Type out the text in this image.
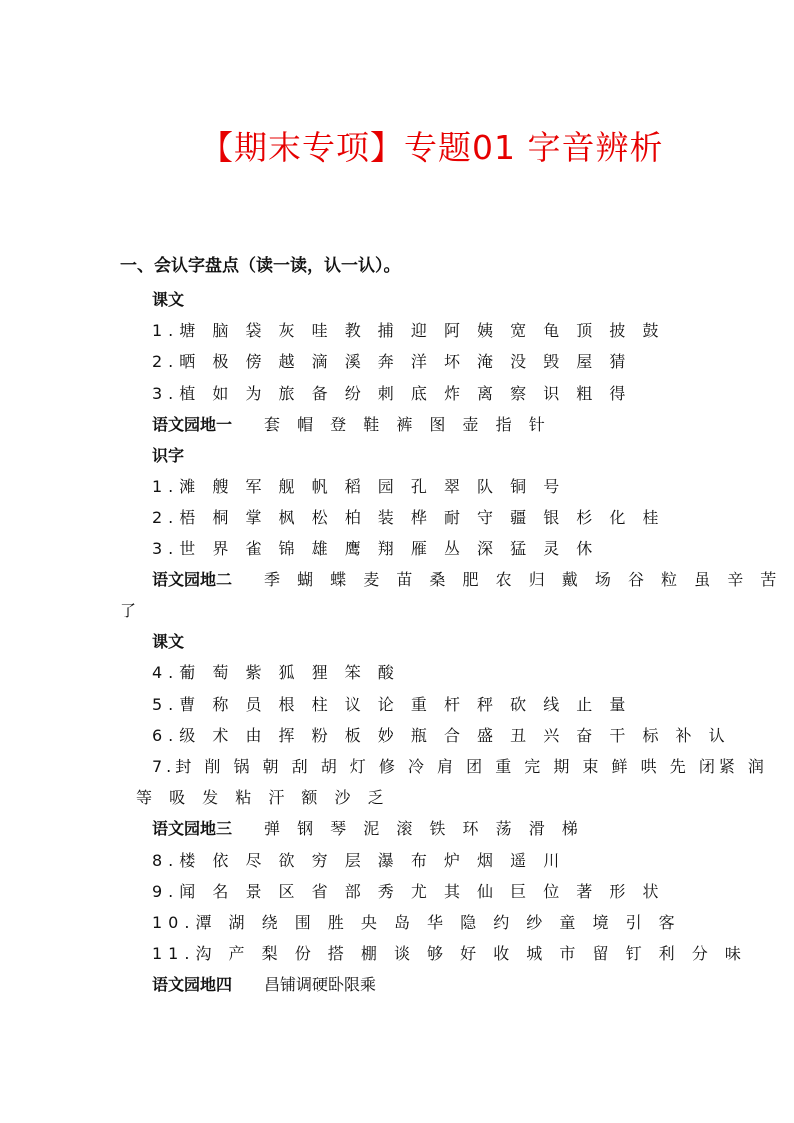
【期末专项】专题01 字音辨析
一、会认字盘点（读一读，认一认）。
课文
1.塘 脑 袋 灰 哇 教 捕 迎 阿 姨 宽 龟 顶 披 鼓
2.晒 极 傍 越 滴 溪 奔 洋 坏 淹 没 毁 屋 猜
3.植 如 为 旅 备 纷 刺 底 炸 离 察 识 粗 得
语文园地一 套 帽 登 鞋 裤 图 壶 指 针
识字
1.滩 艘 军 舰 帆 稻 园 孔 翠 队 铜 号
2.梧 桐 掌 枫 松 柏 装 桦 耐 守 疆 银 杉 化 桂
3.世 界 雀 锦 雄 鹰 翔 雁 丛 深 猛 灵 休
语文园地二 季 蝴 蝶 麦 苗 桑 肥 农 归 戴 场 谷 粒 虽 辛 苦
了
课文
4.葡 萄 紫 狐 狸 笨 酸
5.曹 称 员 根 柱 议 论 重 杆 秤 砍 线 止 量
6.级 术 由 挥 粉 板 妙 瓶 合 盛 丑 兴 奋 干 标 补 认
7.封 削 锅 朝 刮 胡 灯 修 冷 肩 团 重 完 期 束 鲜 哄 先 闭紧 润
等 吸 发 粘 汗 额 沙 乏
语文园地三 弹 钢 琴 泥 滚 铁 环 荡 滑 梯
8.楼 依 尽 欲 穷 层 瀑 布 炉 烟 遥 川
9.闻 名 景 区 省 部 秀 尤 其 仙 巨 位 著 形 状
10.潭 湖 绕 围 胜 央 岛 华 隐 约 纱 童 境 引 客
11.沟 产 梨 份 搭 棚 谈 够 好 收 城 市 留 钉 利 分 味
语文园地四 昌铺调硬卧限乘
